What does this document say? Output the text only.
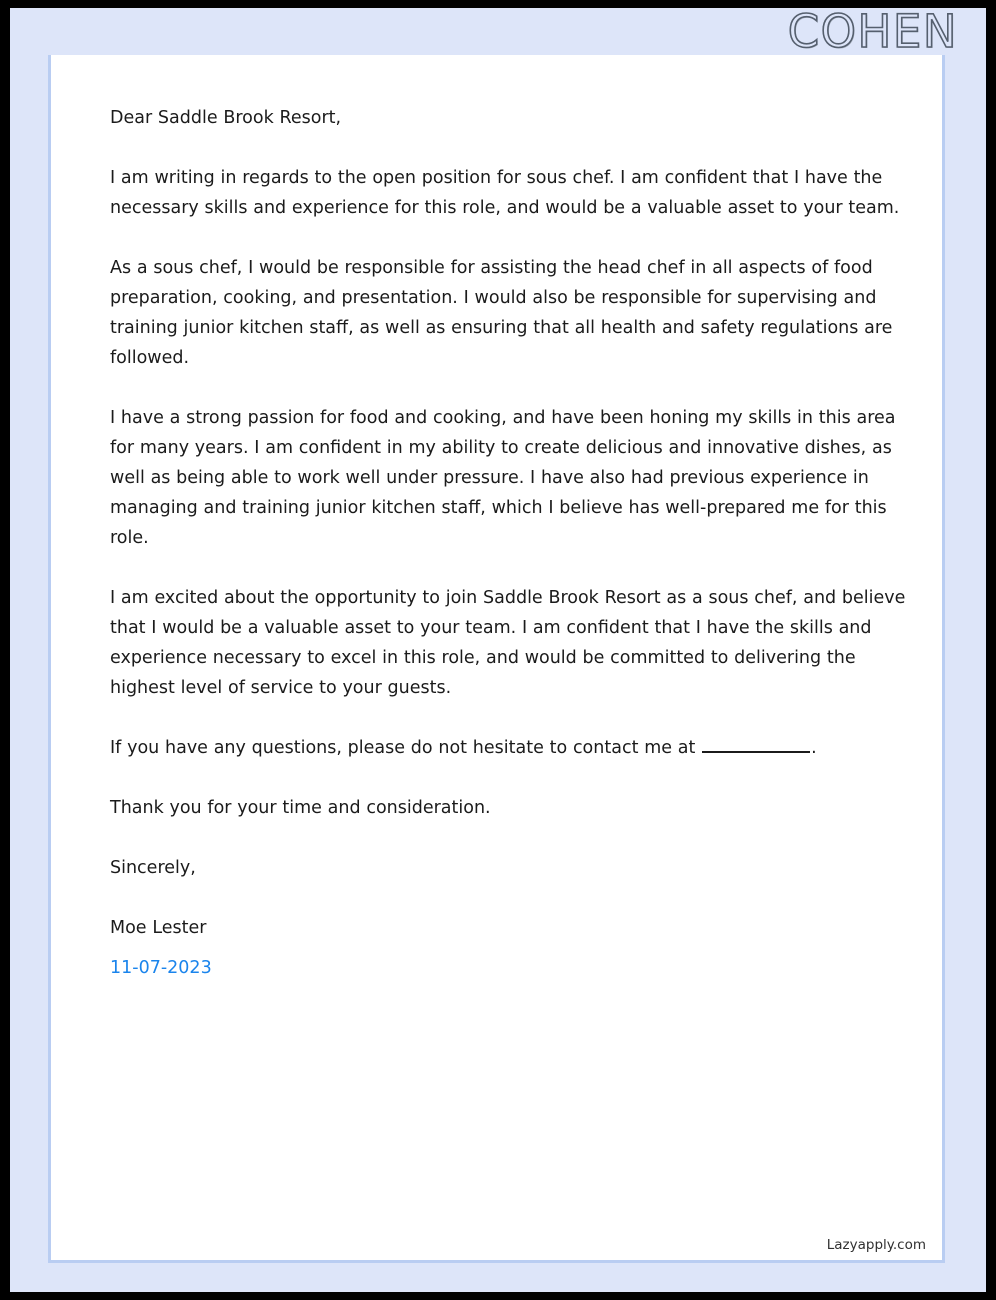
COHEN

Dear Saddle Brook Resort,

I am writing in regards to the open position for sous chef. I am confident that I have the necessary skills and experience for this role, and would be a valuable asset to your team.

As a sous chef, I would be responsible for assisting the head chef in all aspects of food preparation, cooking, and presentation. I would also be responsible for supervising and training junior kitchen staff, as well as ensuring that all health and safety regulations are followed.

I have a strong passion for food and cooking, and have been honing my skills in this area for many years. I am confident in my ability to create delicious and innovative dishes, as well as being able to work well under pressure. I have also had previous experience in managing and training junior kitchen staff, which I believe has well-prepared me for this role.

I am excited about the opportunity to join Saddle Brook Resort as a sous chef, and believe that I would be a valuable asset to your team. I am confident that I have the skills and experience necessary to excel in this role, and would be committed to delivering the highest level of service to your guests.

If you have any questions, please do not hesitate to contact me at	.

Thank you for your time and consideration.

Sincerely,

Moe Lester

11-07-2023

Lazyapply.com
